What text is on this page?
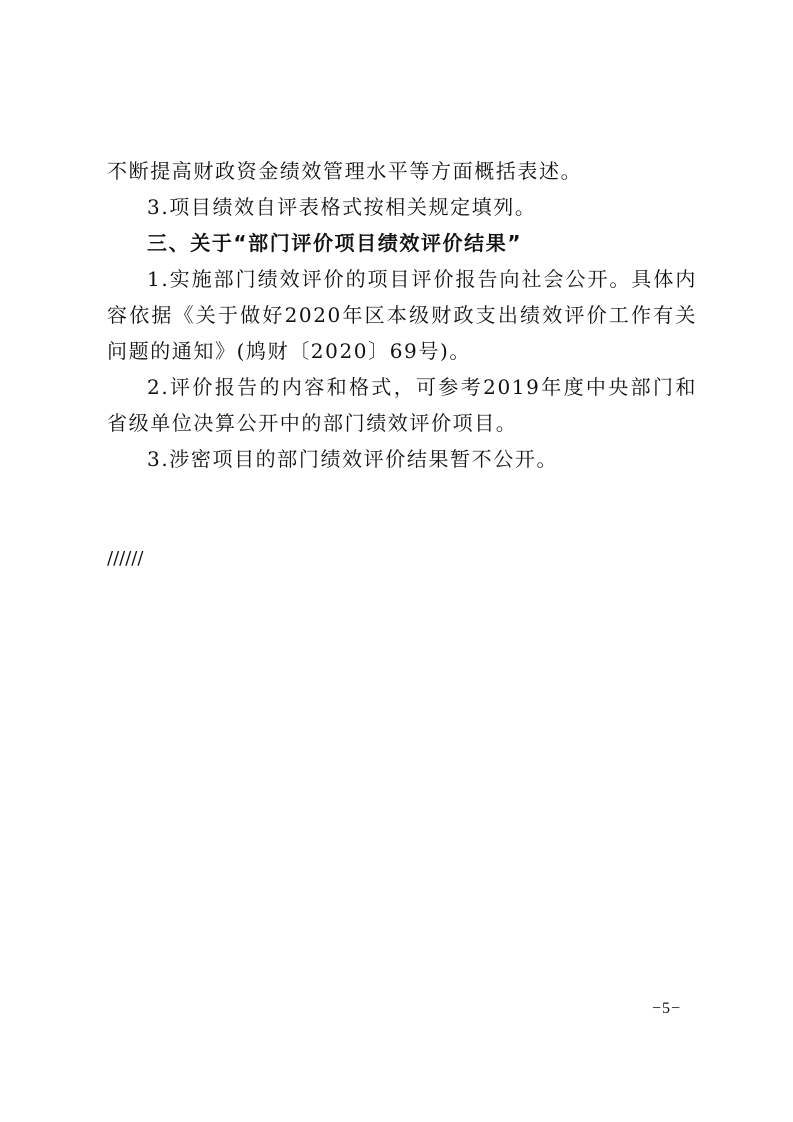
不断提高财政资金绩效管理水平等方面概括表述。

3.项目绩效自评表格式按相关规定填列。

三、关于“部门评价项目绩效评价结果”

1.实施部门绩效评价的项目评价报告向社会公开。具体内容依据《关于做好2020年区本级财政支出绩效评价工作有关问题的通知》(鸠财〔2020〕69号)。

2.评价报告的内容和格式，可参考2019年度中央部门和省级单位决算公开中的部门绩效评价项目。

3.涉密项目的部门绩效评价结果暂不公开。

//////
−5−
